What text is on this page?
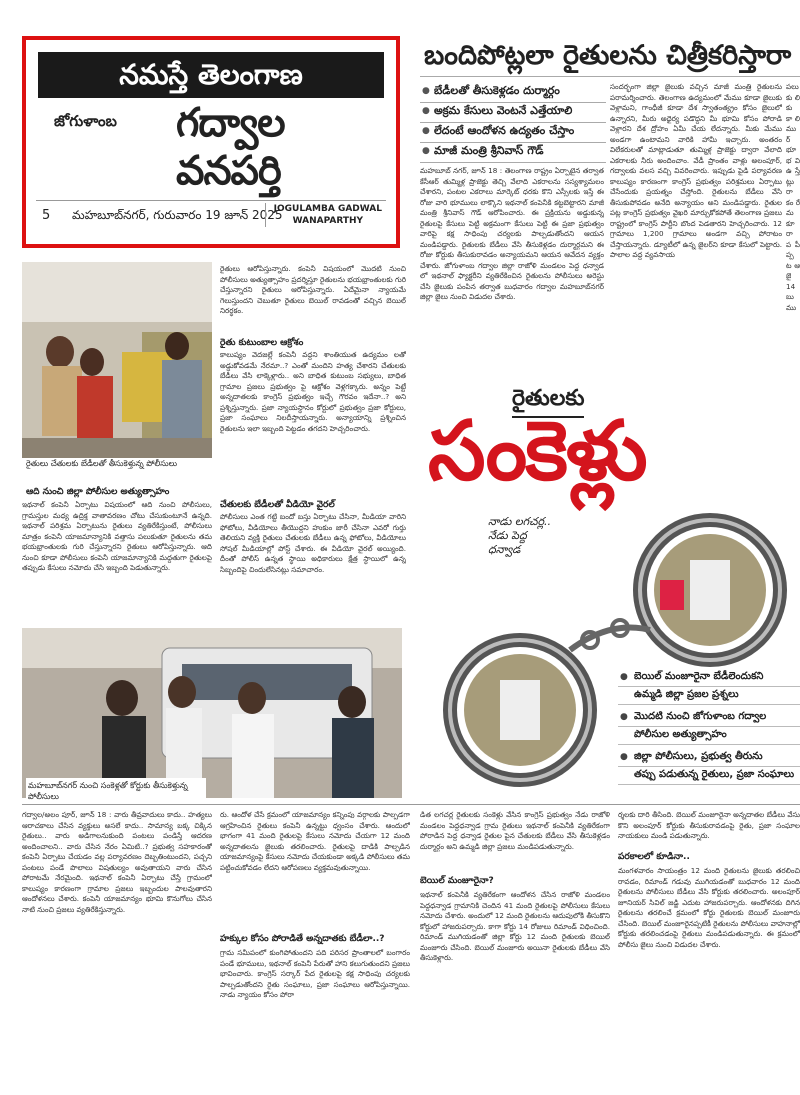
నమస్తే తెలంగాణ
జోగుళాంబ గద్వాల
వనపర్తి
5 మహబూబ్‌నగర్, గురువారం 19 జూన్ 2025
JOGULAMBA GADWAL
WANAPARTHY
బందిపోట్లలా రైతులను చిత్రీకరిస్తారా
● బేడీలతో తీసుకెళ్లడం దుర్మార్గం
● అక్రమ కేసులు వెంటనే ఎత్తేయాలి
● లేదంటే ఆందోళన ఉద్యతం చేస్తాం
● మాజీ మంత్రి శ్రీనివాస్ గౌడ్
మహబూబ్ నగర్, జూన్ 18 : తెలంగాణ రాష్ట్రం ఏర్పాటైన తర్వాత కేసీఆర్ తుమ్మిళ్ల ప్రాజెక్టు తెచ్చి వేలాది ఎకరాలను సస్యశ్యామలం చేశారని, పంటల ఎకరాలు మార్కెట్ ధరకు కొని ఎస్సీలకు ఇస్తే ఈ రోజు వారి భూములు లాక్కొని ఇథనాల్ కంపెనీకి కట్టబెట్టారని మాజీ మంత్రి శ్రీనివాస్ గౌడ్ ఆరోపించారు. ఈ ప్రక్రియను అడ్డుకున్న రైతులపై కేసులు పెట్టి అక్రమంగా కేసులు పెట్టి ఈ ప్రజా ప్రభుత్వం వారిపై కక్ష సాధింపు చర్యలకు పాల్పడుతోందని ఆయన మండిపడ్డారు. రైతులకు బేడీలు వేసి తీసుకెళ్లడం దుర్మార్గమని ఈ రోజు కోర్టుకు తీసుకురావడం అన్యాయమని ఆయన ఆవేదన వ్యక్తం చేశారు. జోగుళాంబ గద్వాల జిల్లా రాజోళి మండలం పెద్ద ధన్వాడ లో ఇథనాల్ ఫ్యాక్టరీని వ్యతిరేకించిన రైతులను పోలీసులు అరెస్టు చేసి జైలుకు పంపిన తర్వాత బుధవారం గద్వాల మహబూబ్‌నగర్ జిల్లా జైలు నుంచి విడుదల చేశారు.
సందర్భంగా జిల్లా జైలుకు వచ్చిన మాజీ మంత్రి రైతులను పరామర్శించారు. తెలంగాణ ఉద్యమంలో మేము కూడా జైలుకు వెళ్లామని, గాంధీజీ కూడా దేశ స్వాతంత్య్రం కోసం జైలులో ఉన్నారని, మీరు అధైర్య పడొద్దని మీ భూమి కోసం పోరాడి వెళ్లారని దేశ ద్రోహం ఏమీ చేయ లేదన్నారు. మీకు మేము అండగా ఉంటామని వారికి హామీ ఇచ్చారు. అంతరం విలేకరులతో మాట్లాడుతూ తుమ్మిళ్ల ప్రాజెక్టు ద్వారా వేలాది ఎకరాలకు నీరు అందించాం. వేడీ ప్రాంతం వాళ్లు అలంపూర్, గద్వాలకు వలస వచ్చి వివరించారు. ఇప్పుడు పైడి పర్యావరణ కాలుష్యం కారణంగా కాంగ్రెస్ ప్రభుత్వం పరిశ్రమలు ఏర్పాటు చేసేందుకు ప్రయత్నం చేస్తోంది. రైతులను బేడీలు వేసి తీసుకుపోవడం అనేది అన్యాయం అని మండిపడ్డారు. రైతుల పట్ల కాంగ్రెస్ ప్రభుత్వం వైఖరి మార్చుకోకపోతే తెలంగాణ ప్రజలు రాష్ట్రంలో కాంగ్రెస్ పార్టీని బొంద పెడతారని హెచ్చరించారు. 12 గ్రామాలు 1,200 గ్రామాలు అండగా వచ్చి పోరాటం చేస్తాయన్నారు. డ్యూటీలో ఉన్న జైలర్‌ని కూడా కేసులో పెట్టారు. పాలాల వద్ద వ్యవసాయ
పలు కు లి కు కా లి ము ర్ భూ భ వి ఉ స్తే ట్లు రా కం రే మ కూ రా ప పీ ప్ప ట ఆ జై 14 బు ము
రైతులు చేతులకు బేడీలతో తీసుకెళ్తున్న పోలీసులు
ఆది నుంచి జిల్లా పోలీసుల అత్యుత్సాహం
ఇథనాల్ కంపెనీ ఏర్పాటు విషయంలో ఆది నుంచి పోలీసులు, గ్రామస్తుల మధ్య ఉద్రిక్త వాతావరణం చోటు చేసుకుంటూనే ఉన్నది. ఇథనాల్ పరిశ్రమ ఏర్పాటును రైతులు వ్యతిరేకిస్తుంటే, పోలీసులు మాత్రం కంపెనీ యాజమాన్యానికి వత్తాసు పలుకుతూ రైతులను తమ భయభ్రాంతులకు గురి చేస్తున్నారని రైతులు ఆరోపిస్తున్నారు. ఆది నుంచి కూడా పోలీసులు కంపెనీ యాజమాన్యానికి మద్దతుగా రైతులపై తప్పుడు కేసులు నమోదు చేసి ఇబ్బంది పెడుతున్నారు.
రైతులు ఆరోపిస్తున్నారు. కంపెనీ విషయంలో మొదటి నుంచి పోలీసులు అత్యుత్సాహం ప్రదర్శిస్తూ రైతులను భయభ్రాంతులకు గురి చేస్తున్నారని రైతులు ఆరోపిస్తున్నారు. ఏదేమైనా న్యాయమే గెలుస్తుందని చెబుతూ రైతులు బెయిల్ రావడంతో వచ్చిన బెయిల్ నిరర్థకం.
రైతు కుటుంబాల ఆక్రోశం
కాలుష్యం వెదజల్లే కంపెనీ వద్దని శాంతియుత ఉద్యమం లతో అడ్డుకోవడమే నేరమా..? ఎంతో మందిని హత్య చేశారని చేతులకు బేడీలు వేసి లాక్కెళ్లారు.. అని బాధిత కుటుంబ సభ్యులు, బాధిత గ్రామాల ప్రజలు ప్రభుత్వం పై ఆక్రోశం వెళ్లగక్కారు. అన్నం పెట్టే అన్నదాతలకు కాంగ్రెస్ ప్రభుత్వం ఇచ్చే గౌరవం ఇదేనా..? అని ప్రశ్నిస్తున్నారు. ప్రజా న్యాయస్థానం కోర్టులో ప్రభుత్వం ప్రజా కోర్టులు, ప్రజా సంఘాలు నిలదీస్తాయన్నారు. అన్యాయాన్ని ప్రశ్నించిన రైతులను ఇలా ఇబ్బంది పెట్టడం తగదని హెచ్చరించారు.
చేతులకు బేడీలతో వీడియో వైరల్
పోలీసులు ఎంత గట్టి బందో బస్తు ఏర్పాటు చేసినా, మీడియా వారిని ఫోటోలు, వీడియోలు తీయొద్దని హుకుం జారీ చేసినా ఎవరో గుర్తు తెలియని వ్యక్తి రైతులు చేతులకు బేడీలు ఉన్న ఫోటోలు, వీడియోలు సోషల్ మీడియాల్లో పోస్ట్ చేశారు. ఈ వీడియో వైరల్ అయ్యింది. దీంతో పోలీస్ ఉన్నత స్థాయి అధికారులు క్షేత్ర స్థాయిలో ఉన్న సిబ్బందిపై చిందులేసినట్లు సమాచారం.
మహబూబ్‌నగర్ నుంచి సంకెళ్లతో కోర్టుకు తీసుకెళ్తున్న పోలీసులు
రైతులకు
సంకెళ్లు
నాడు లగచర్ల..
నేడు పెద్ద
ధన్వాడ
● బెయిల్ మంజూరైనా బేడీలెందుకని
ఉమ్మడి జిల్లా ప్రజల ప్రశ్నలు
● మొదటి నుంచి జోగుళాంబ గద్వాల
పోలీసుల అత్యుత్సాహం
● జిల్లా పోలీసులు, ప్రభుత్వ తీరును
తప్పు పడుతున్న రైతులు, ప్రజా సంఘాలు
గద్వాల/అలం పూర్, జూన్ 18 : వారు తీవ్రవాదులు కాదు.. హత్యలు ఆరాచకాలు చేసిన వ్యక్తులు అసలే కాదు.. సామాన్య బక్క చిక్కిన రైతులు.. వారు అడిగాలనుకుంది పంటలు పండిస్తే ఆదరణ అందించాలని.. వారు చేసిన నేరం ఏమిటి..? ప్రభుత్వ సహకారంతో కంపెనీ ఏర్పాటు చేయడం వల్ల పర్యావరణం దెబ్బతింటుందని, పచ్చని పంటలు పండే పొలాలు విషతుల్యం అవుతాయని వారు చేసిన పోరాటమే నేరమైంది. ఇథనాల్ కంపెనీ ఏర్పాటు చేస్తే గ్రామంలో కాలుష్యం కారణంగా గ్రామాల ప్రజలు ఇబ్బందుల పాలవుతారని ఆందోళనలు చేశారు. కంపెనీ యాజమాన్యం భూమి కొనుగోలు చేసిన నాటి నుంచి ప్రజలు వ్యతిరేకిస్తున్నారు.
రు. ఆందోళ చేసే క్రమంలో యాజమాన్యం కన్నింపు వర్గాలకు పాల్పడగా ఆగ్రహించిన రైతులు కంపెనీ ఉన్నట్టు ధ్వంసం చేశారు. ఆందులో భాగంగా 41 మంది రైతులపై కేసులు నమోదు చేయగా 12 మంది అన్నదాతలను జైలుకు తరలించారు. రైతులపై దాడికి పాల్పడిన యాజమాన్యంపై కేసులు నమోదు చేయకుండా అక్కడి పోలీసులు తమ పట్టించుకోవడం లేదని ఆరోపణలు వ్యక్తమవుతున్నాయి.
హక్కుల కోసం పోరాడితే అన్నదాతకు బేడీలా..?
గ్రామ సమీపంలో కుంగిపోతుందని పది పరిసర ప్రాంతాలలో బంగారం పండే భూములు, ఇథనాల్ కంపెనీ పేరుతో హాని కలుగుతుందని ప్రజలు భావించారు. కాంగ్రెస్ సర్కార్ పేద రైతులపై కక్ష సాధింపు చర్యలకు పాల్పడుతోందని రైతు సంఘాలు, ప్రజా సంఘాలు ఆరోపిస్తున్నాయి. నాడు న్యాయం కోసం పోరా
డిత లగచర్ల రైతులకు సంకెళ్లు వేసిన కాంగ్రెస్ ప్రభుత్వం నేడు రాజోళి మండలం పెద్దధన్వాడ గ్రామ రైతులు ఇథనాల్ కంపెనీకి వ్యతిరేకంగా పోరాడిన పెద్ద ధన్వాడ రైతుల పైన చేతులకు బేడీలు వేసి తీసుకెళ్లడం దుర్మార్గం అని ఉమ్మడి జిల్లా ప్రజలు మండిపడుతున్నారు.
బెయిల్ మంజూరైనా?
ఇథనాల్ కంపెనీకి వ్యతిరేకంగా ఆందోళన చేసిన రాజోళి మండలం పెద్దధన్వాడ గ్రామానికి చెందిన 41 మంది రైతులపై పోలీసులు కేసులు నమోదు చేశారు. అందులో 12 మంది రైతులను ఆదుపులోకి తీసుకొని కోర్టులో హాజరుపర్చారు. కాగా కోర్టు 14 రోజులు రిమాండ్ విధించింది. రిమాండ్ ముగియడంతో జిల్లా కోర్టు 12 మంది రైతులకు బెయిల్ మంజూరు చేసింది. బెయిల్ మంజూరు అయినా రైతులకు బేడీలు వేసి తీసుకెళ్లారు.
ర్శలకు దారి తీసింది. బెయిల్ మంజూరైనా అన్నదాతల బేడీలు వేసు కొని అలంపూర్ కోర్టుకు తీసుకురావడంపై రైతు, ప్రజా సంఘాల నాయకులు మండి పడుతున్నారు.
పరకాలలో కూడినా..
మంగళవారం సాయంత్రం 12 మంది రైతులను జైలుకు తరలించి రావడం, రిమాండ్ గడువు ముగియడంతో బుధవారం 12 మంది రైతులను పోలీసులు బేడీలు వేసి కోర్టుకు తరలించారు. అలంపూర్ జూనియర్ సివిల్ జడ్జి ఎదుట హాజరుపర్చారు. ఆందోళనకు దిగిన రైతులను తరలించే క్రమంలో కోర్టు రైతులకు బెయిల్ మంజూరు చేసింది. బెయిల్ మంజూరైనప్పటికీ రైతులను పోలీసులు వాహనాల్లో కోర్టుకు తరలించడంపై రైతులు మండిపడుతున్నారు. ఈ క్రమంలో పోలీసు జైలు నుంచి విడుదల చేశారు.
